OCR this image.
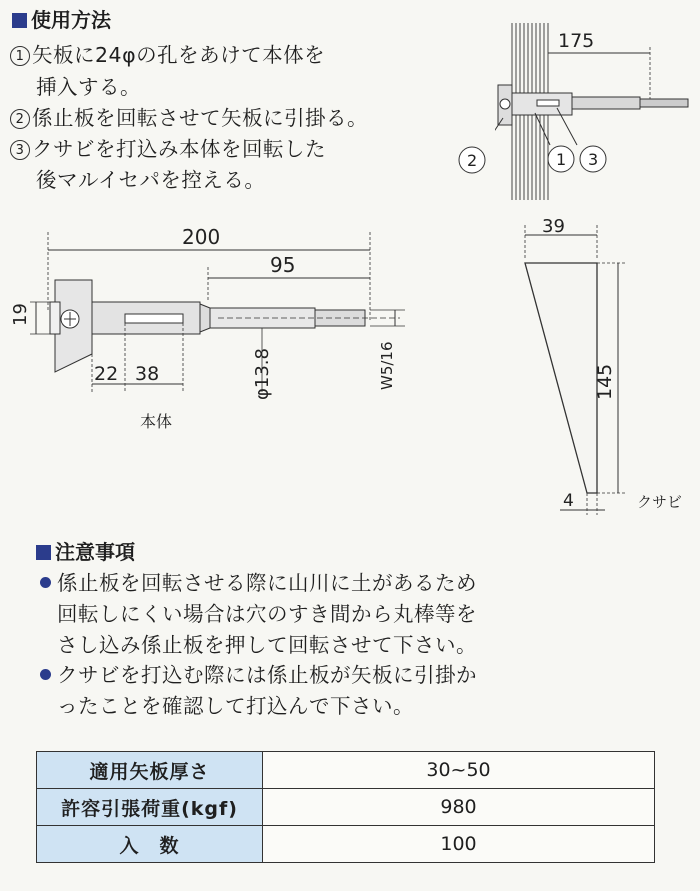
使用方法
1 矢板に24φの孔をあけて本体を
挿入する。
2 係止板を回転させて矢板に引掛る。
3 クサビを打込み本体を回転した
後マルイセパを控える。
175
1 3
2
200
95
19
22 38	φ13.8	W5/16
本体
39
145
4	クサビ
注意事項
係止板を回転させる際に山川に土があるため
回転しにくい場合は穴のすき間から丸棒等を
さし込み係止板を押して回転させて下さい。
クサビを打込む際には係止板が矢板に引掛か
ったことを確認して打込んで下さい。
適用矢板厚さ	30~50
許容引張荷重(kgf)	980
入　数	100
